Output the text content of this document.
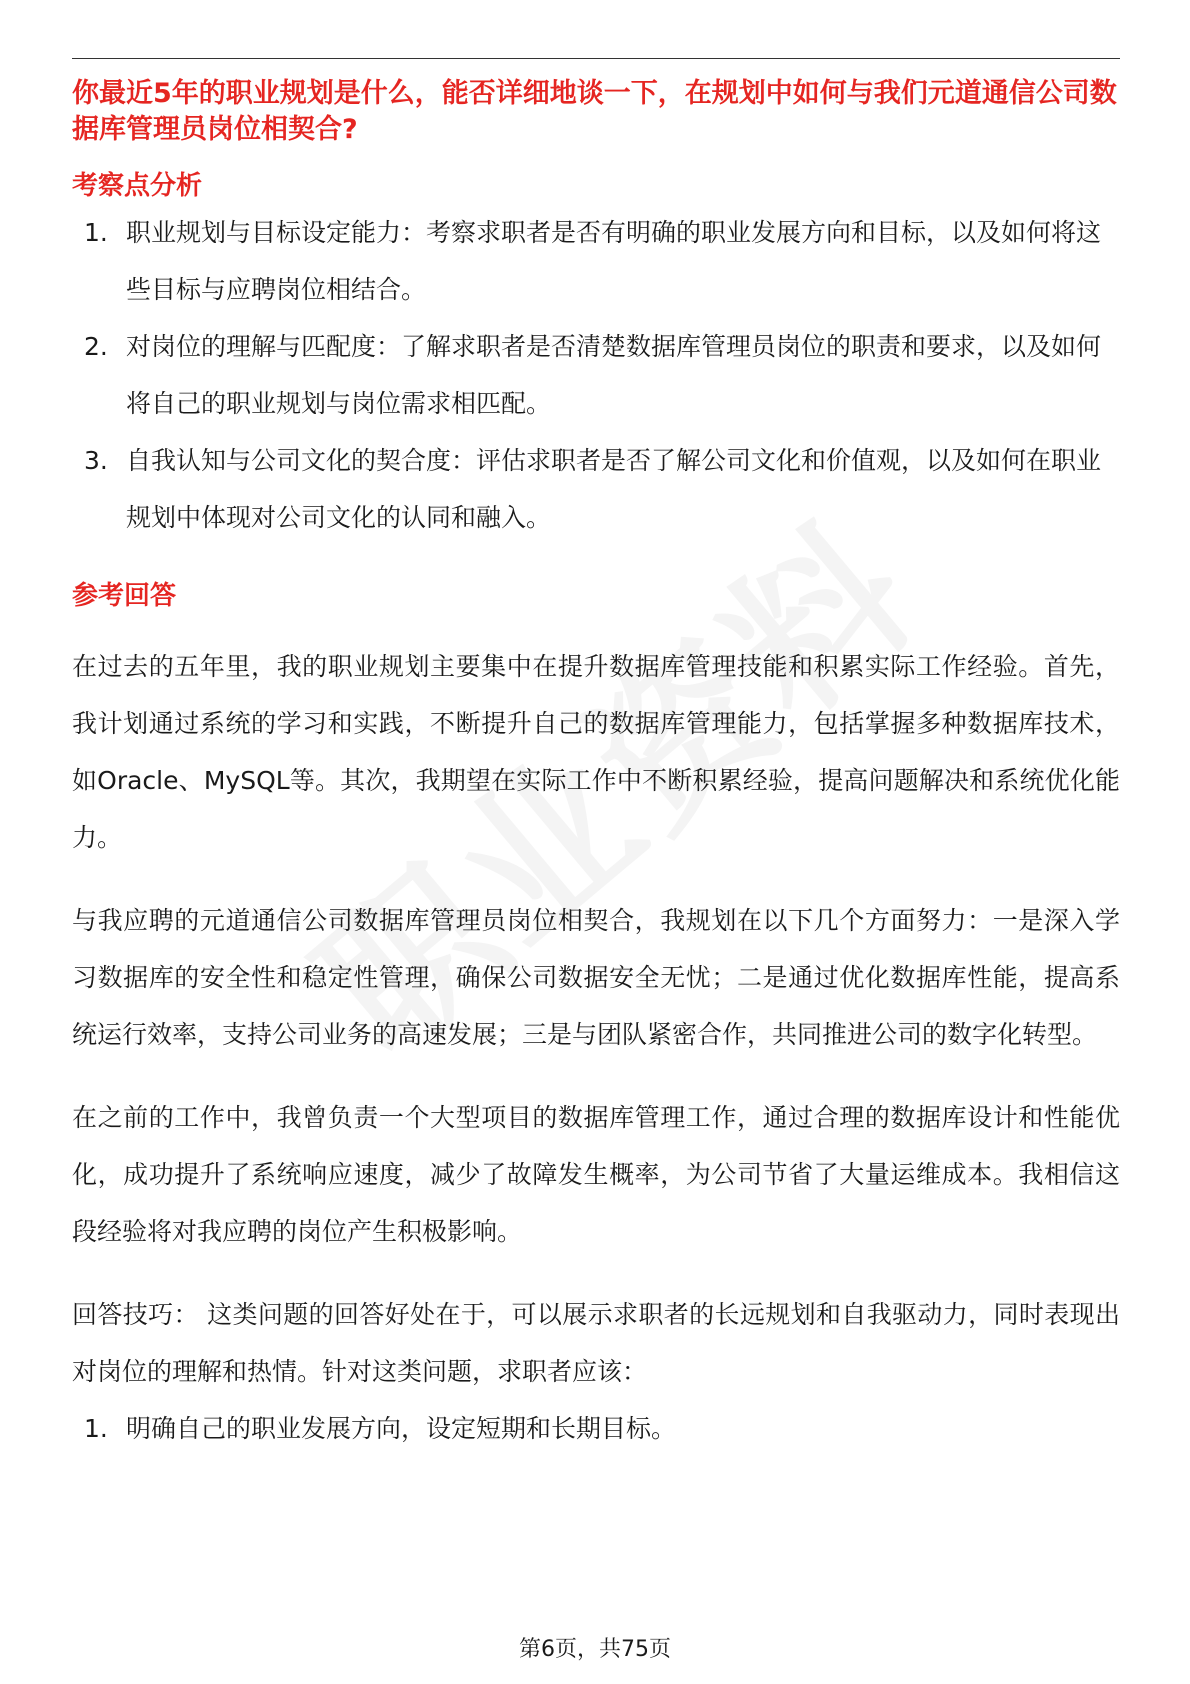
你最近5年的职业规划是什么，能否详细地谈一下，在规划中如何与我们元道通信公司数据库管理员岗位相契合?

考察点分析
1. 职业规划与目标设定能力：考察求职者是否有明确的职业发展方向和目标，以及如何将这些目标与应聘岗位相结合。
2. 对岗位的理解与匹配度：了解求职者是否清楚数据库管理员岗位的职责和要求，以及如何将自己的职业规划与岗位需求相匹配。
3. 自我认知与公司文化的契合度：评估求职者是否了解公司文化和价值观，以及如何在职业规划中体现对公司文化的认同和融入。
参考回答

在过去的五年里，我的职业规划主要集中在提升数据库管理技能和积累实际工作经验。首先，我计划通过系统的学习和实践，不断提升自己的数据库管理能力，包括掌握多种数据库技术，如Oracle、MySQL等。其次，我期望在实际工作中不断积累经验，提高问题解决和系统优化能力。

与我应聘的元道通信公司数据库管理员岗位相契合，我规划在以下几个方面努力：一是深入学习数据库的安全性和稳定性管理，确保公司数据安全无忧；二是通过优化数据库性能，提高系统运行效率，支持公司业务的高速发展；三是与团队紧密合作，共同推进公司的数字化转型。

在之前的工作中，我曾负责一个大型项目的数据库管理工作，通过合理的数据库设计和性能优化，成功提升了系统响应速度，减少了故障发生概率，为公司节省了大量运维成本。我相信这段经验将对我应聘的岗位产生积极影响。

回答技巧： 这类问题的回答好处在于，可以展示求职者的长远规划和自我驱动力，同时表现出对岗位的理解和热情。针对这类问题，求职者应该：

1. 明确自己的职业发展方向，设定短期和长期目标。
第6页，共75页
